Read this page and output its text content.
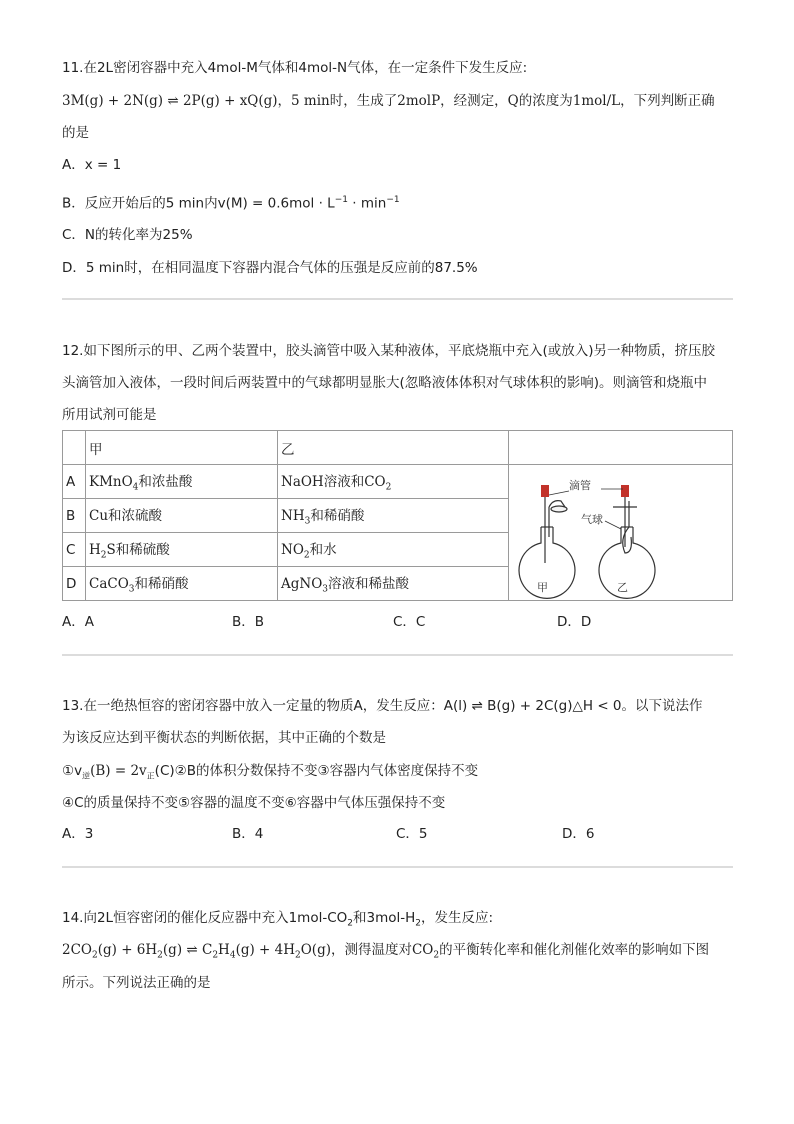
11.在2L密闭容器中充入4mol-M气体和4mol-N气体，在一定条件下发生反应:
3M(g) + 2N(g) ⇌ 2P(g) + xQ(g)，5 min时，生成了2molP，经测定，Q的浓度为1mol/L，下列判断正确
的是
A．x = 1
B．反应开始后的5 min内$v(M) = 0.6mol \cdot L^{-1} \cdot \min^{-1}$
C．N的转化率为25%
D．5 min时，在相同温度下容器内混合气体的压强是反应前的87.5%
12.如下图所示的甲、乙两个装置中，胶头滴管中吸入某种液体，平底烧瓶中充入(或放入)另一种物质，挤压胶
头滴管加入液体，一段时间后两装置中的气球都明显胀大(忽略液体体积对气球体积的影响)。则滴管和烧瓶中
所用试剂可能是
	甲	乙	
A	KMnO$_4$和浓盐酸	NaOH溶液和$CO_2$	滴管
气球
甲 乙

B	Cu和浓硫酸	$NH_3$和稀硝酸	
C	$H_2S$和稀硫酸	$NO_2$和水	
D	CaCO$_3$和稀硝酸	AgNO$_3$溶液和稀盐酸	
A．A	B．B	C．C	D．D
13.在一绝热恒容的密闭容器中放入一定量的物质A，发生反应：A(l) ⇌ B(g) + 2C(g)△H < 0。以下说法作
为该反应达到平衡状态的判断依据，其中正确的个数是
$①v_逆(B)$ = $2v_正(C)②B$的体积分数保持不变③容器内气体密度保持不变
④C的质量保持不变⑤容器的温度不变⑥容器中气体压强保持不变
A．3	B．4	C．5	D．6
14.向2L恒容密闭的催化反应器中充入$1mol-CO_2$和$3mol-H_2$，发生反应:
$2CO_2(g) + 6H_2(g)$ ⇌ $C_2H_4(g) + 4H_2O(g)$，测得温度对$CO_2$的平衡转化率和催化剂催化效率的影响如下图
所示。下列说法正确的是
